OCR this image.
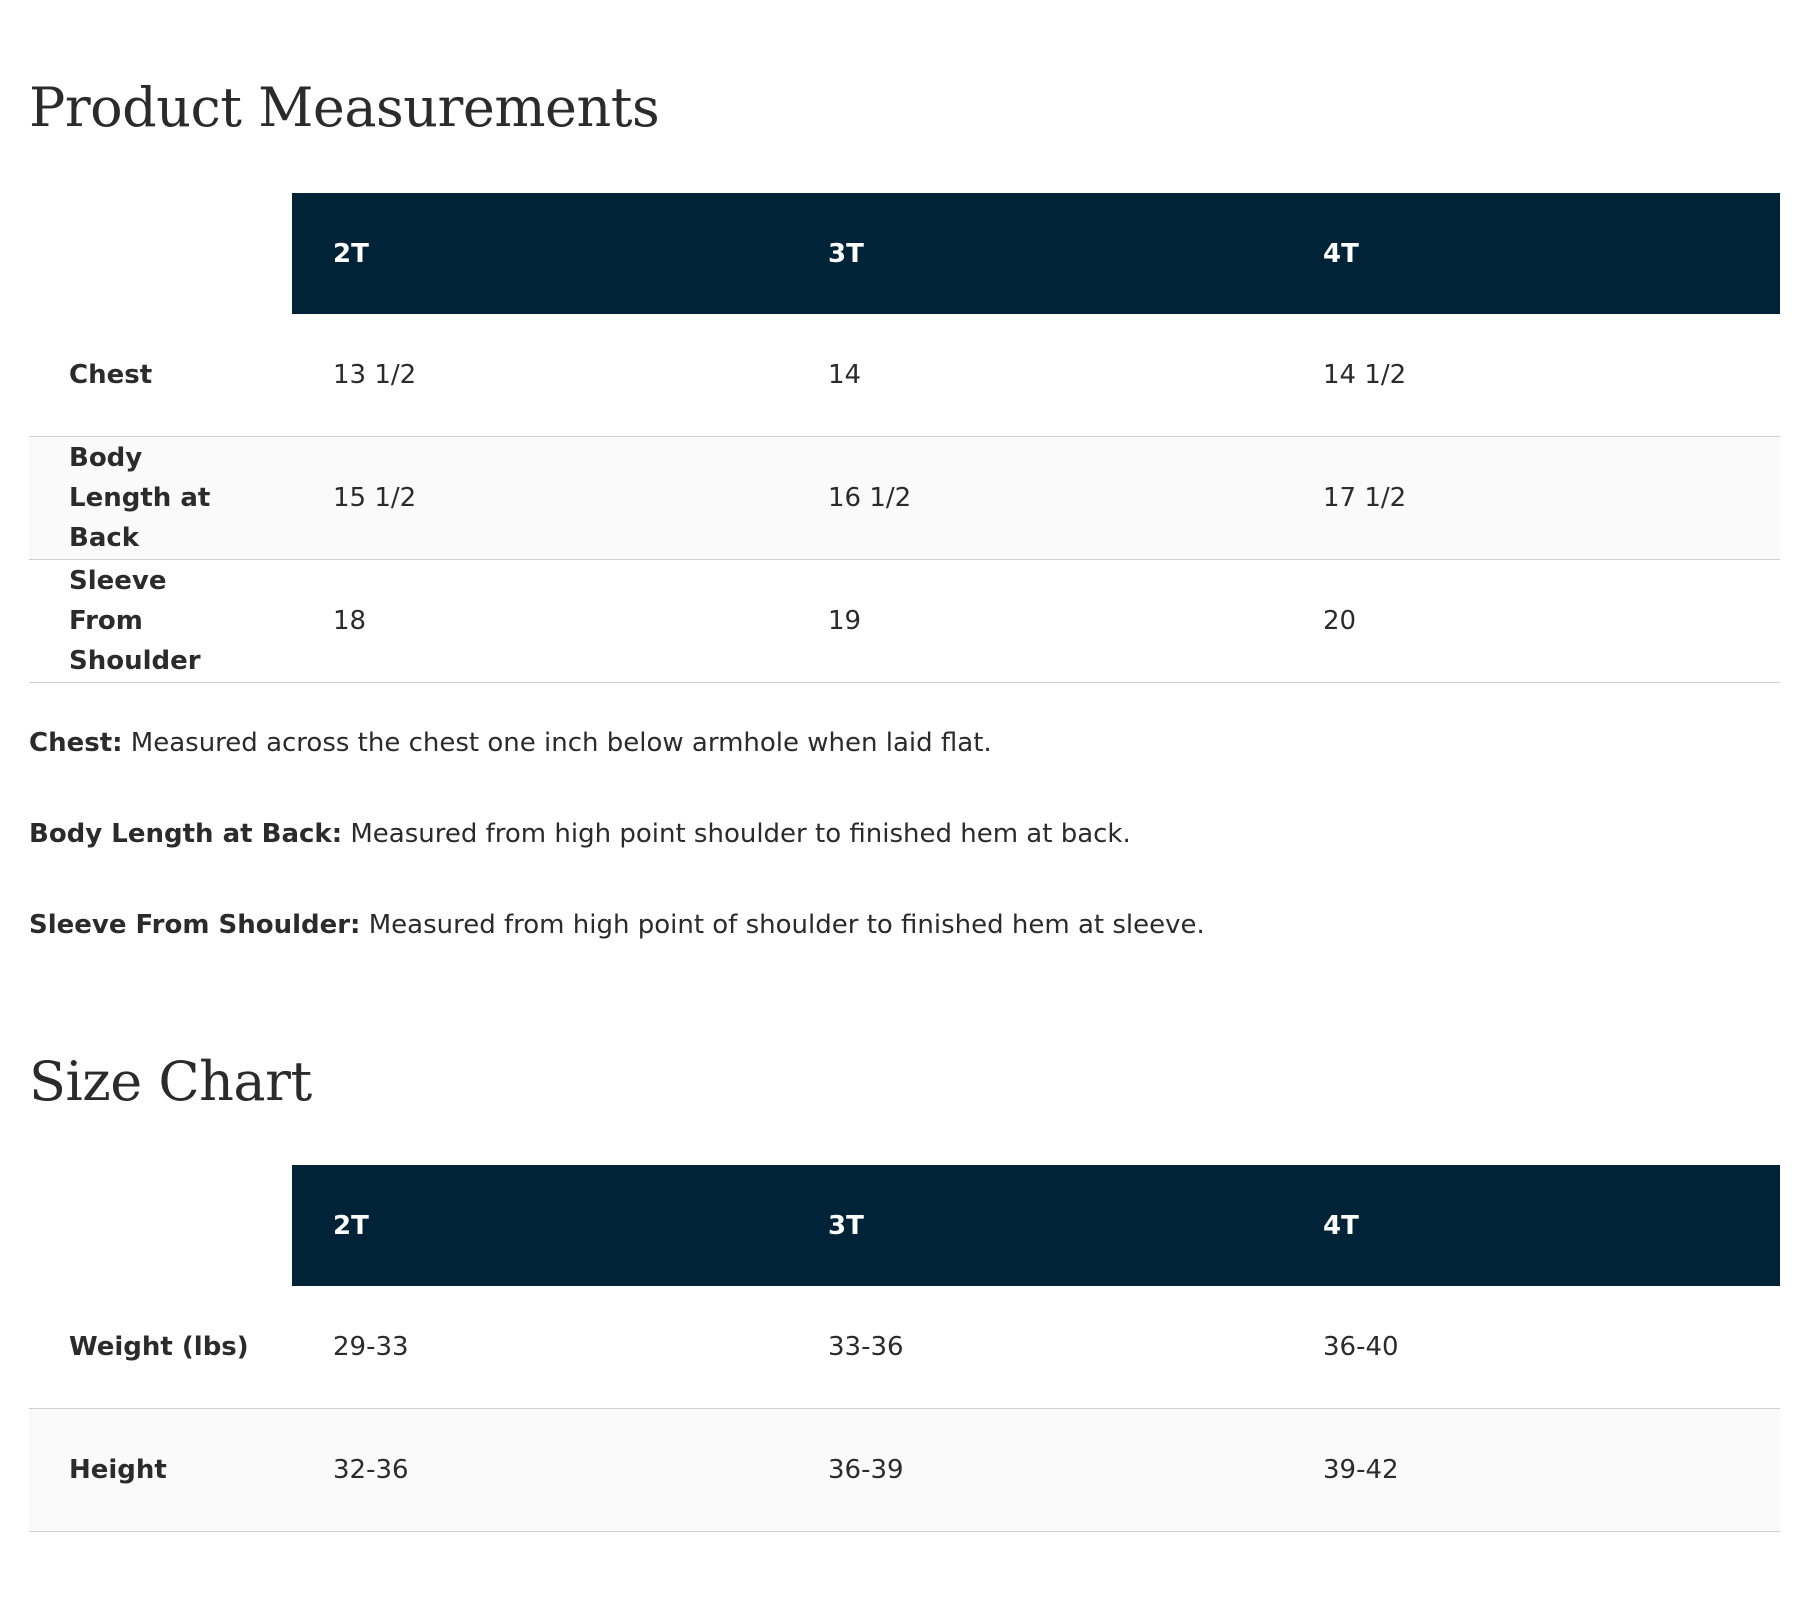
Product Measurements

	2T	3T	4T

Chest	13 1/2	14	14 1/2

Body Length at Back	15 1/2	16 1/2	17 1/2

Sleeve From Shoulder	18	19	20

Chest: Measured across the chest one inch below armhole when laid flat.

Body Length at Back: Measured from high point shoulder to finished hem at back.

Sleeve From Shoulder: Measured from high point of shoulder to finished hem at sleeve.

Size Chart

	2T	3T	4T

Weight (lbs)	29-33	33-36	36-40

Height	32-36	36-39	39-42
